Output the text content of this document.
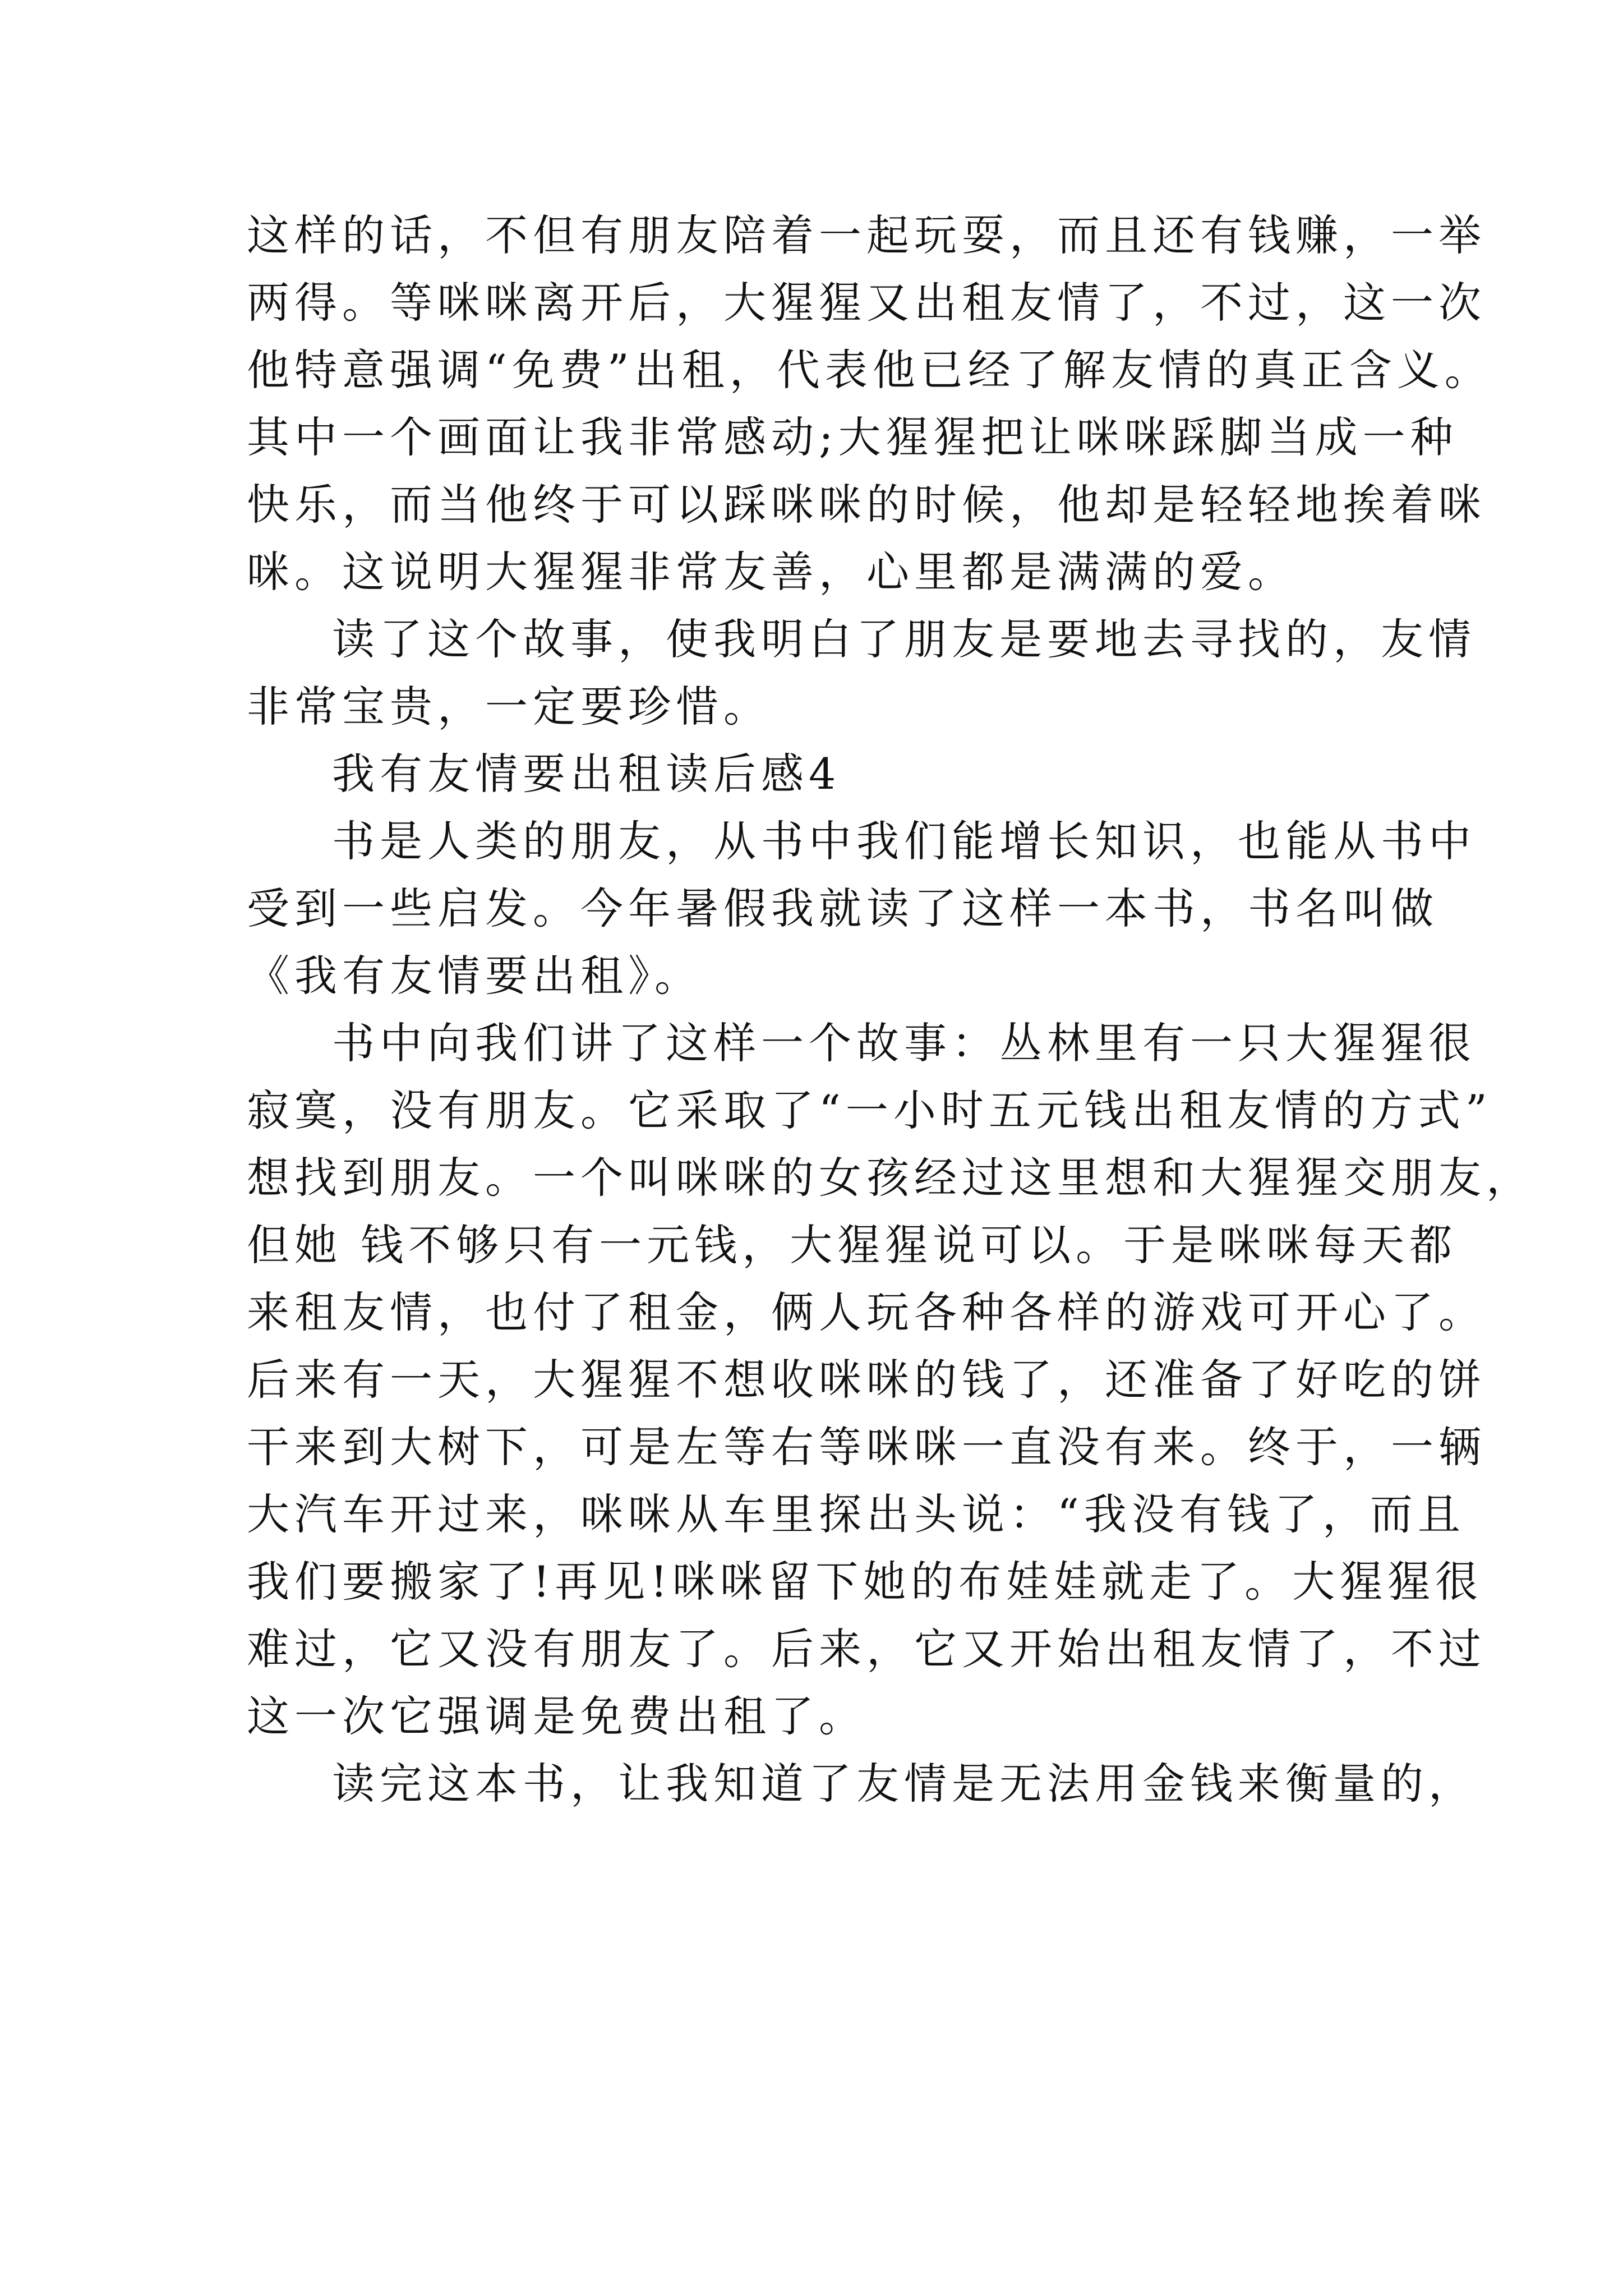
这样的话，不但有朋友陪着一起玩耍，而且还有钱赚，一举
两得。等咪咪离开后，大猩猩又出租友情了，不过，这一次
他特意强调“免费”出租，代表他已经了解友情的真正含义。
其中一个画面让我非常感动;大猩猩把让咪咪踩脚当成一种
快乐，而当他终于可以踩咪咪的时候，他却是轻轻地挨着咪
咪。这说明大猩猩非常友善，心里都是满满的爱。
读了这个故事，使我明白了朋友是要地去寻找的，友情
非常宝贵，一定要珍惜。
我有友情要出租读后感4
书是人类的朋友，从书中我们能增长知识，也能从书中
受到一些启发。今年暑假我就读了这样一本书，书名叫做
《我有友情要出租》。
书中向我们讲了这样一个故事：丛林里有一只大猩猩很
寂寞，没有朋友。它采取了“一小时五元钱出租友情的方式”
想找到朋友。一个叫咪咪的女孩经过这里想和大猩猩交朋友，
但她 钱不够只有一元钱，大猩猩说可以。于是咪咪每天都
来租友情，也付了租金，俩人玩各种各样的游戏可开心了。
后来有一天，大猩猩不想收咪咪的钱了，还准备了好吃的饼
干来到大树下，可是左等右等咪咪一直没有来。终于，一辆
大汽车开过来，咪咪从车里探出头说：“我没有钱了，而且
我们要搬家了!再见!咪咪留下她的布娃娃就走了。大猩猩很
难过，它又没有朋友了。后来，它又开始出租友情了，不过
这一次它强调是免费出租了。
读完这本书，让我知道了友情是无法用金钱来衡量的，
